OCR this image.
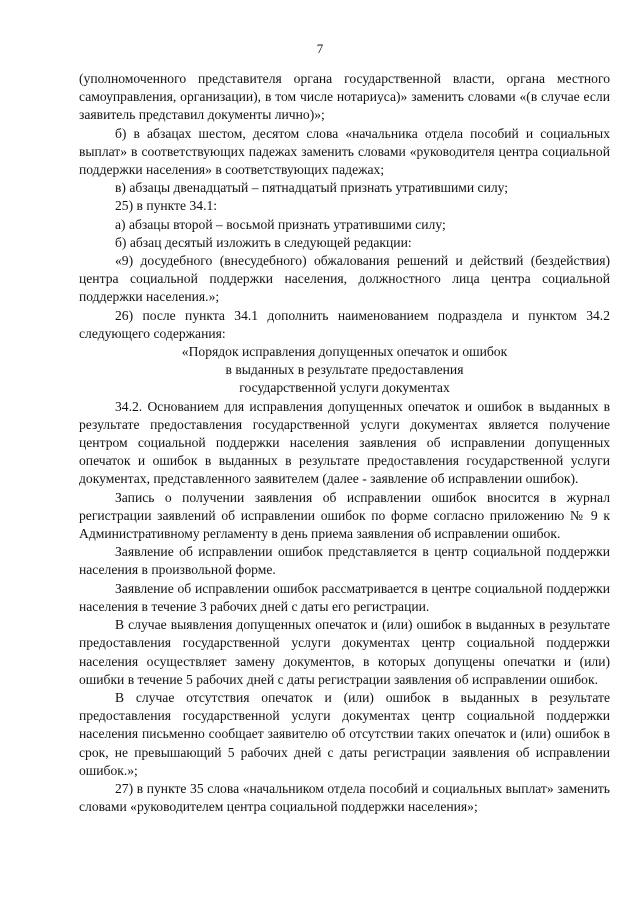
7

(уполномоченного представителя органа государственной власти, органа местного самоуправления, организации), в том числе нотариуса)» заменить словами «(в случае если заявитель представил документы лично)»;

б) в абзацах шестом, десятом слова «начальника отдела пособий и социальных выплат» в соответствующих падежах заменить словами «руководителя центра социальной поддержки населения» в соответствующих падежах;

в) абзацы двенадцатый – пятнадцатый признать утратившими силу;

25) в пункте 34.1:

а) абзацы второй – восьмой признать утратившими силу;

б) абзац десятый изложить в следующей редакции:

«9) досудебного (внесудебного) обжалования решений и действий (бездействия) центра социальной поддержки населения, должностного лица центра социальной поддержки населения.»;

26) после пункта 34.1 дополнить наименованием подраздела и пунктом 34.2 следующего содержания:

«Порядок исправления допущенных опечаток и ошибок

в выданных в результате предоставления

государственной услуги документах

34.2. Основанием для исправления допущенных опечаток и ошибок в выданных в результате предоставления государственной услуги документах является получение центром социальной поддержки населения заявления об исправлении допущенных опечаток и ошибок в выданных в результате предоставления государственной услуги документах, представленного заявителем (далее - заявление об исправлении ошибок).

Запись о получении заявления об исправлении ошибок вносится в журнал регистрации заявлений об исправлении ошибок по форме согласно приложению № 9 к Административному регламенту в день приема заявления об исправлении ошибок.

Заявление об исправлении ошибок представляется в центр социальной поддержки населения в произвольной форме.

Заявление об исправлении ошибок рассматривается в центре социальной поддержки населения в течение 3 рабочих дней с даты его регистрации.

В случае выявления допущенных опечаток и (или) ошибок в выданных в результате предоставления государственной услуги документах центр социальной поддержки населения осуществляет замену документов, в которых допущены опечатки и (или) ошибки в течение 5 рабочих дней с даты регистрации заявления об исправлении ошибок.

В случае отсутствия опечаток и (или) ошибок в выданных в результате предоставления государственной услуги документах центр социальной поддержки населения письменно сообщает заявителю об отсутствии таких опечаток и (или) ошибок в срок, не превышающий 5 рабочих дней с даты регистрации заявления об исправлении ошибок.»;

27) в пункте 35 слова «начальником отдела пособий и социальных выплат» заменить словами «руководителем центра социальной поддержки населения»;
